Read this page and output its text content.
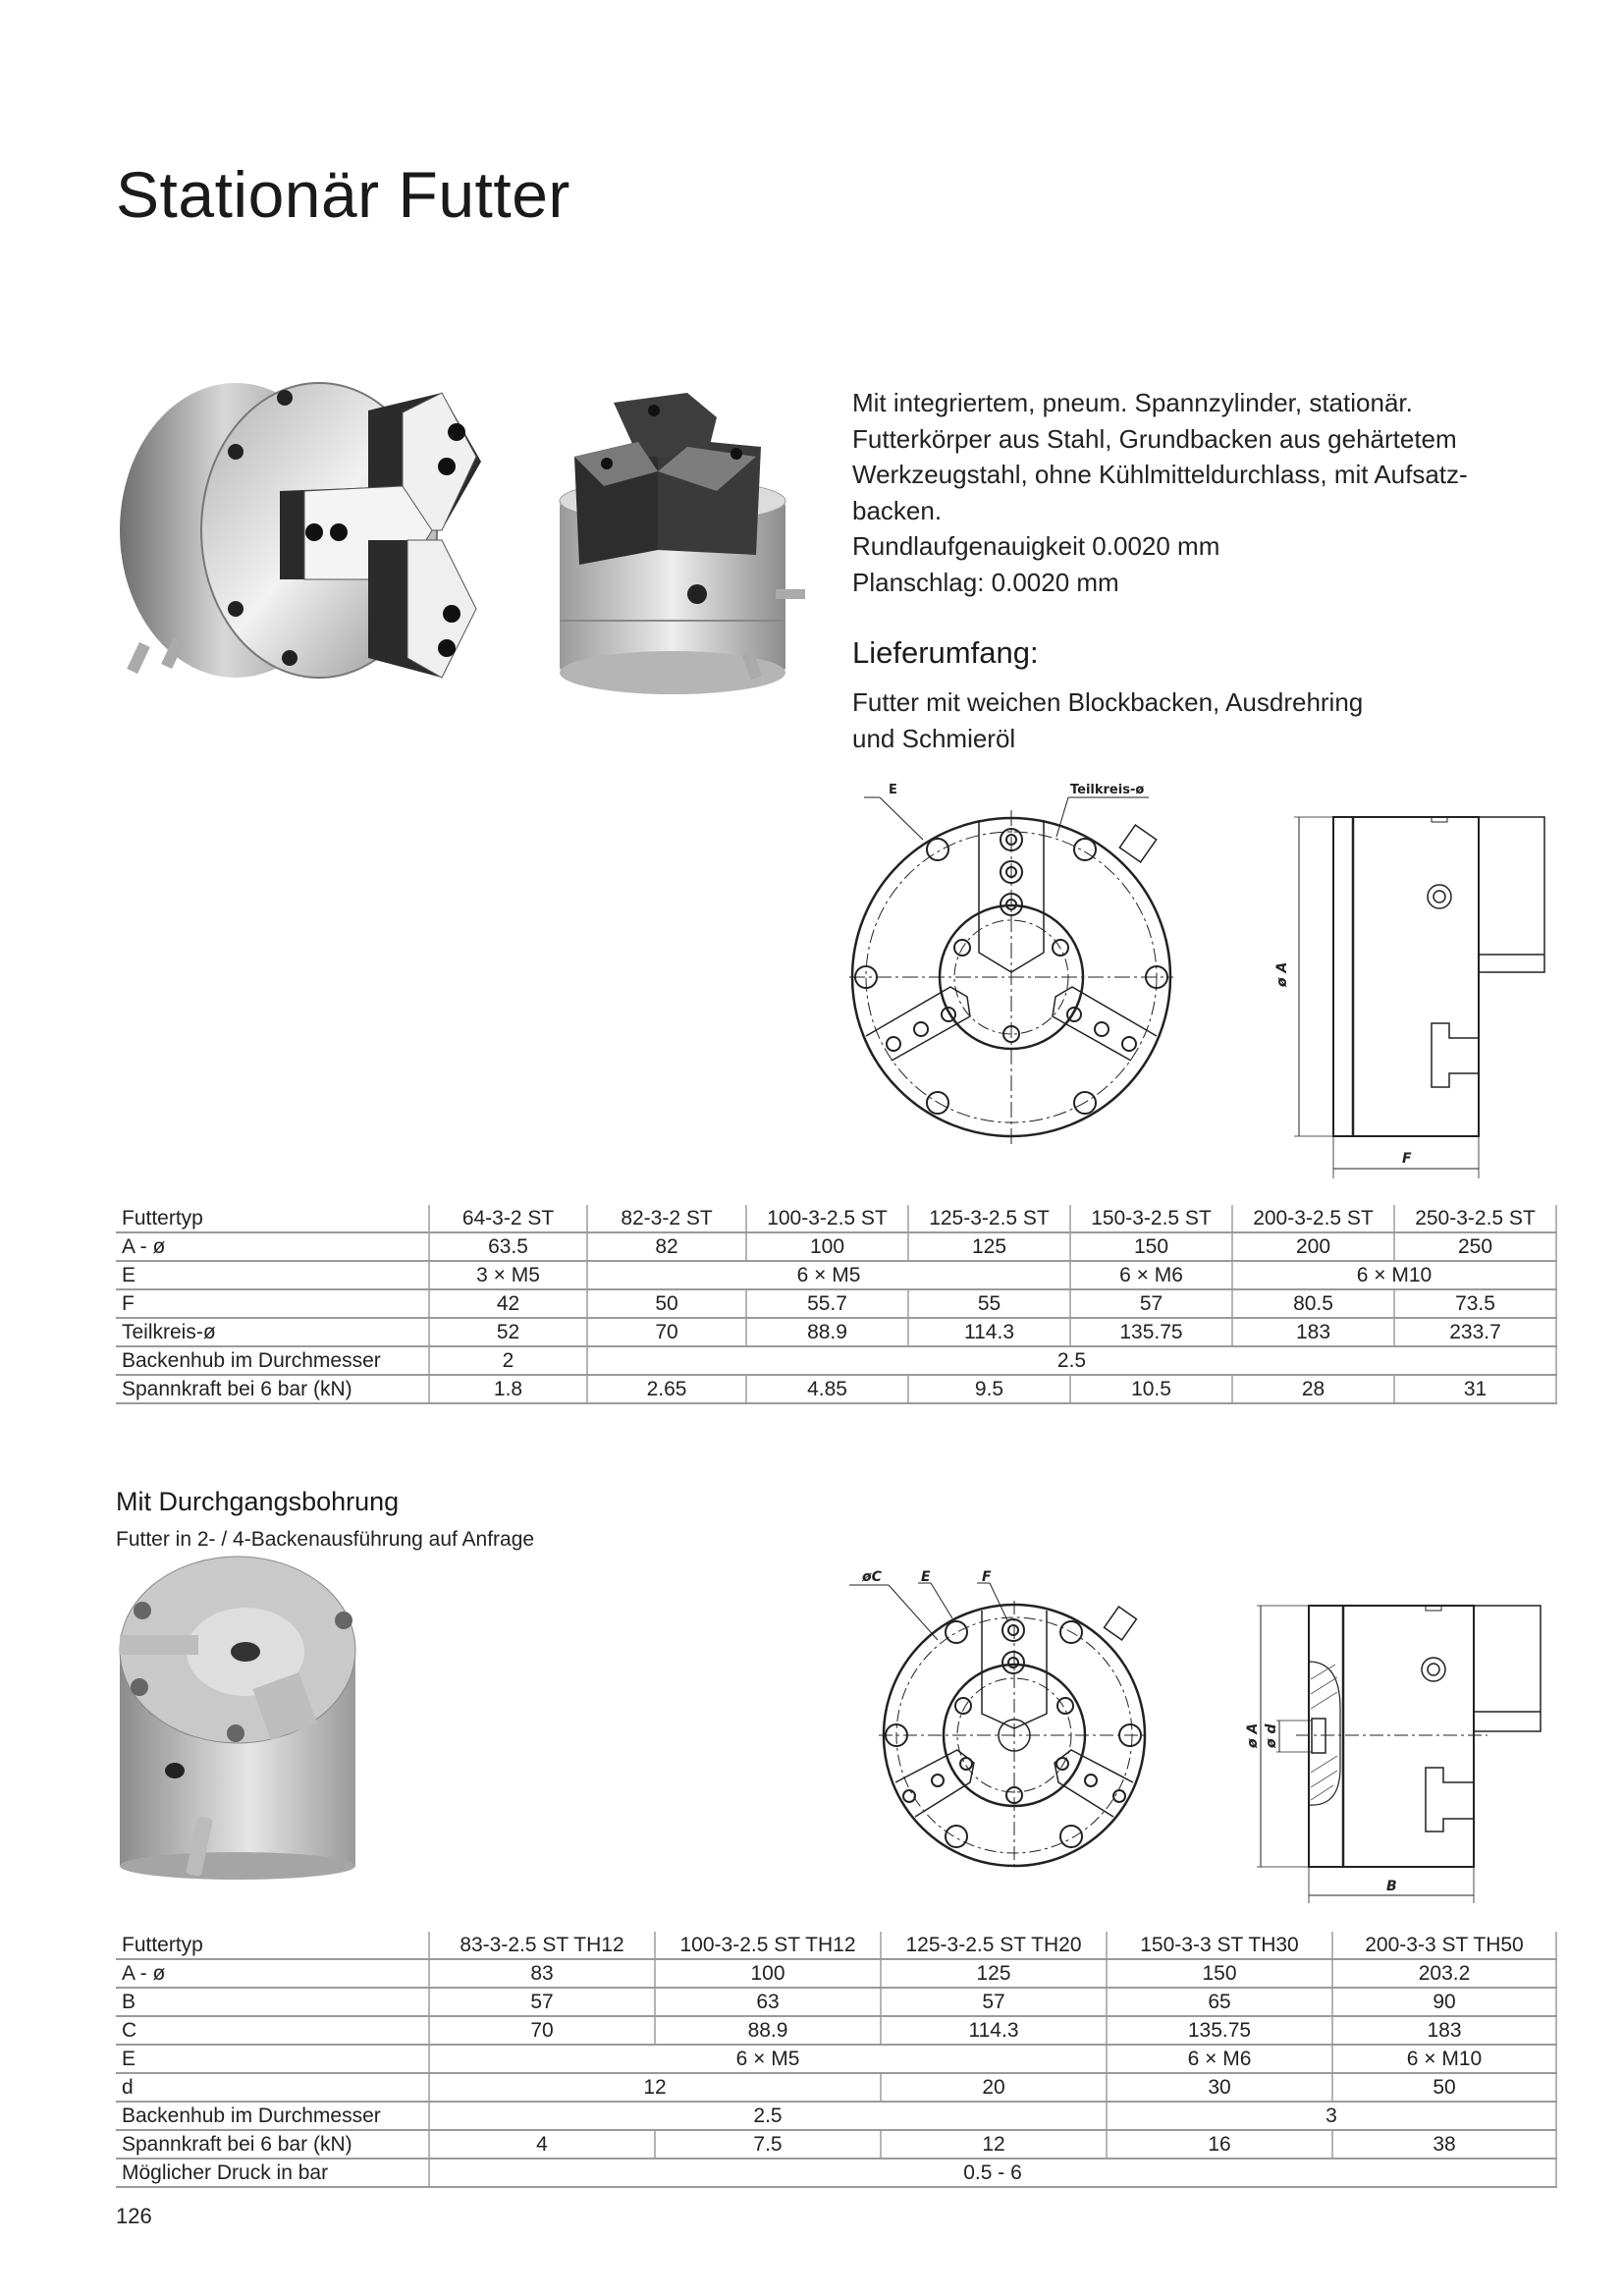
Stationär Futter

Mit integriertem, pneum. Spannzylinder, stationär.

Futterkörper aus Stahl, Grundbacken aus gehärtetem

Werkzeugstahl, ohne Kühlmitteldurchlass, mit Aufsatz-

backen.

Rundlaufgenauigkeit 0.0020 mm

Planschlag: 0.0020 mm

Lieferumfang:
Futter mit weichen Blockbacken, Ausdrehring
und Schmieröl
E	Teilkreis-ø
ø A
F
Futtertyp	64-3-2 ST	82-3-2 ST	100-3-2.5 ST	125-3-2.5 ST	150-3-2.5 ST	200-3-2.5 ST	250-3-2.5 ST
A - ø	63.5	82	100	125	150	200	250
E	3 × M5	6 × M5			6 × M6	6 × M10	
F	42	50	55.7	55	57	80.5	73.5
Teilkreis-ø	52	70	88.9	114.3	135.75	183	233.7
Backenhub im Durchmesser	2	2.5					
Spannkraft bei 6 bar (kN)	1.8	2.65	4.85	9.5	10.5	28	31
Mit Durchgangsbohrung
Futter in 2- / 4-Backenausführung auf Anfrage
øC	E	F
ø A
ø d
B
Futtertyp	83-3-2.5 ST TH12	100-3-2.5 ST TH12	125-3-2.5 ST TH20	150-3-3 ST TH30	200-3-3 ST TH50
A - ø	83	100	125	150	203.2
B	57	63	57	65	90
C	70	88.9	114.3	135.75	183
E	6 × M5			6 × M6	6 × M10
d	12		20	30	50
Backenhub im Durchmesser	2.5			3	
Spannkraft bei 6 bar (kN)	4	7.5	12	16	38
Möglicher Druck in bar	0.5 - 6				
126
